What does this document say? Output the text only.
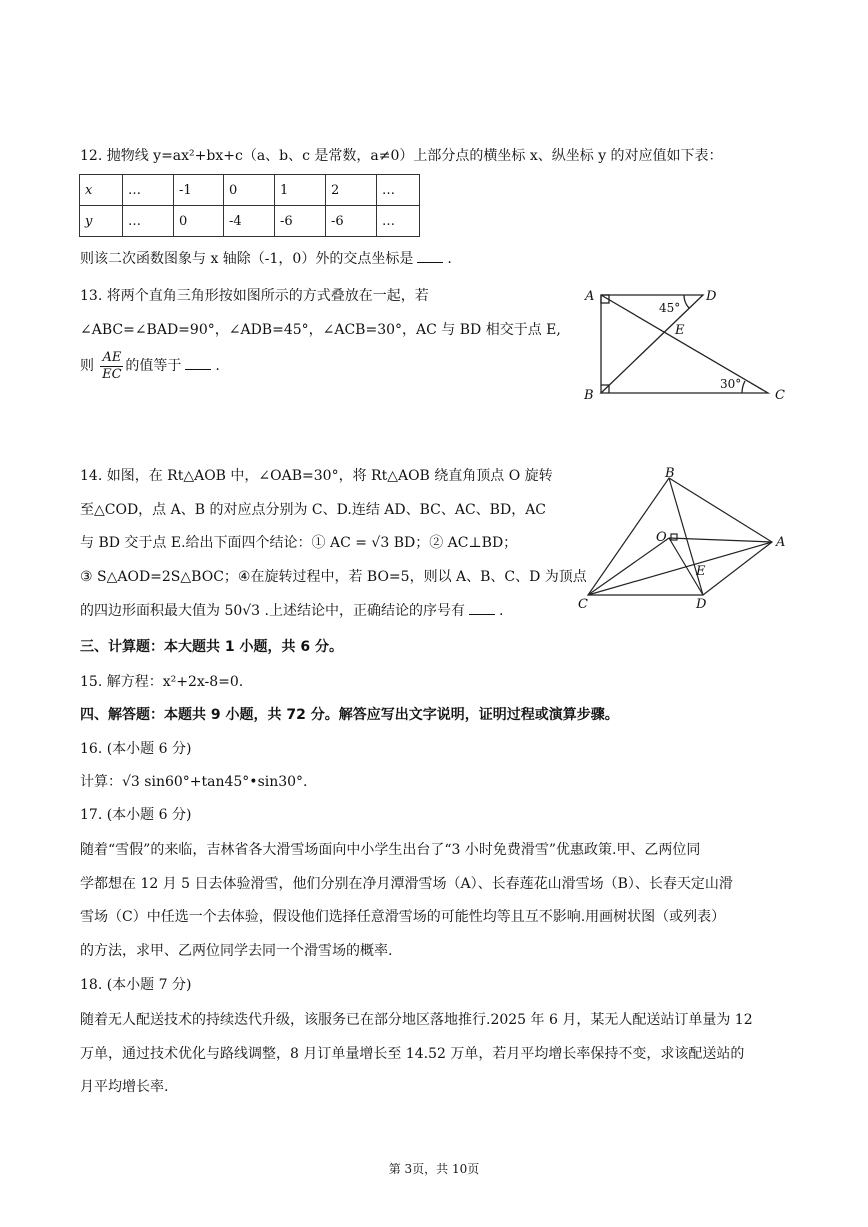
12. 抛物线 y=ax²+bx+c（a、b、c 是常数，a≠0）上部分点的横坐标 x、纵坐标 y 的对应值如下表：
x	…	-1	0	1	2	…
y	…	0	-4	-6	-6	…
则该二次函数图象与 x 轴除（-1，0）外的交点坐标是 .
13. 将两个直角三角形按如图所示的方式叠放在一起，若
∠ABC=∠BAD=90°，∠ADB=45°，∠ACB=30°，AC 与 BD 相交于点 E,
则 $\frac{AE}{EC}$ 的值等于 .
A	D
E
B	C
45°
30°
14. 如图，在 Rt△AOB 中，∠OAB=30°，将 Rt△AOB 绕直角顶点 O 旋转
至△COD，点 A、B 的对应点分别为 C、D.连结 AD、BC、AC、BD，AC
与 BD 交于点 E.给出下面四个结论：① AC = √3 BD；② AC⊥BD；
③ S△AOD=2S△BOC；④在旋转过程中，若 BO=5，则以 A、B、C、D 为顶点
的四边形面积最大值为 50√3 .上述结论中，正确结论的序号有 .
B
A
O
E
C	D
三、计算题：本大题共 1 小题，共 6 分。
15. 解方程：x²+2x-8=0.
四、解答题：本题共 9 小题，共 72 分。解答应写出文字说明，证明过程或演算步骤。
16. (本小题 6 分)
计算：√3 sin60°+tan45°•sin30°.
17. (本小题 6 分)
随着“雪假”的来临，吉林省各大滑雪场面向中小学生出台了“3 小时免费滑雪”优惠政策.甲、乙两位同
学都想在 12 月 5 日去体验滑雪，他们分别在净月潭滑雪场（A）、长春莲花山滑雪场（B）、长春天定山滑
雪场（C）中任选一个去体验，假设他们选择任意滑雪场的可能性均等且互不影响.用画树状图（或列表）
的方法，求甲、乙两位同学去同一个滑雪场的概率.
18. (本小题 7 分)
随着无人配送技术的持续迭代升级，该服务已在部分地区落地推行.2025 年 6 月，某无人配送站订单量为 12
万单，通过技术优化与路线调整，8 月订单量增长至 14.52 万单，若月平均增长率保持不变，求该配送站的
月平均增长率.
第 3页，共 10页
